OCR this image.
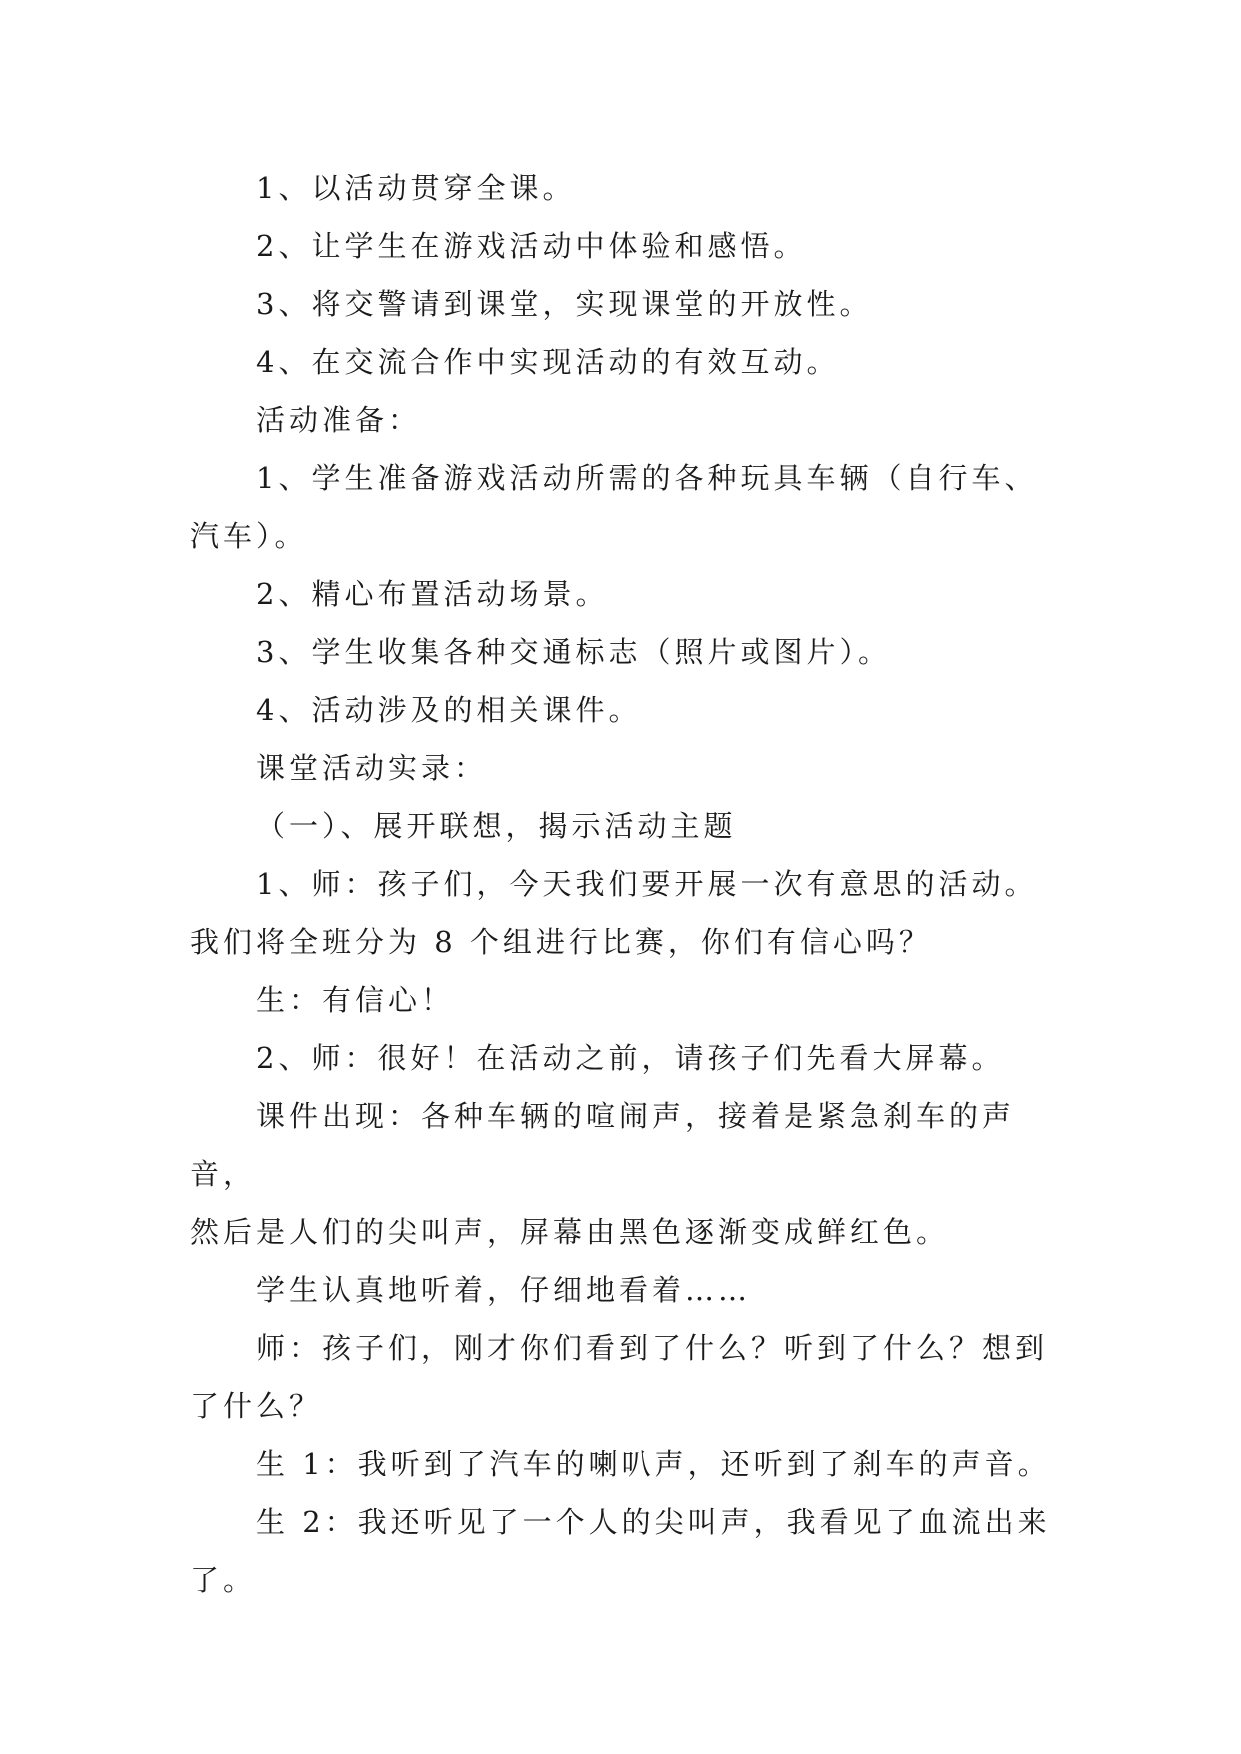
1、以活动贯穿全课。

2、让学生在游戏活动中体验和感悟。

3、将交警请到课堂，实现课堂的开放性。

4、在交流合作中实现活动的有效互动。

活动准备：

1、学生准备游戏活动所需的各种玩具车辆（自行车、

汽车）。

2、精心布置活动场景。

3、学生收集各种交通标志（照片或图片）。

4、活动涉及的相关课件。

课堂活动实录：

（一）、展开联想，揭示活动主题

1、师：孩子们，今天我们要开展一次有意思的活动。

我们将全班分为 8 个组进行比赛，你们有信心吗？

生：有信心！

2、师：很好！在活动之前，请孩子们先看大屏幕。

课件出现：各种车辆的喧闹声，接着是紧急刹车的声音，

然后是人们的尖叫声，屏幕由黑色逐渐变成鲜红色。

学生认真地听着，仔细地看着……

师：孩子们，刚才你们看到了什么？听到了什么？想到

了什么？

生 1：我听到了汽车的喇叭声，还听到了刹车的声音。

生 2：我还听见了一个人的尖叫声，我看见了血流出来

了。
